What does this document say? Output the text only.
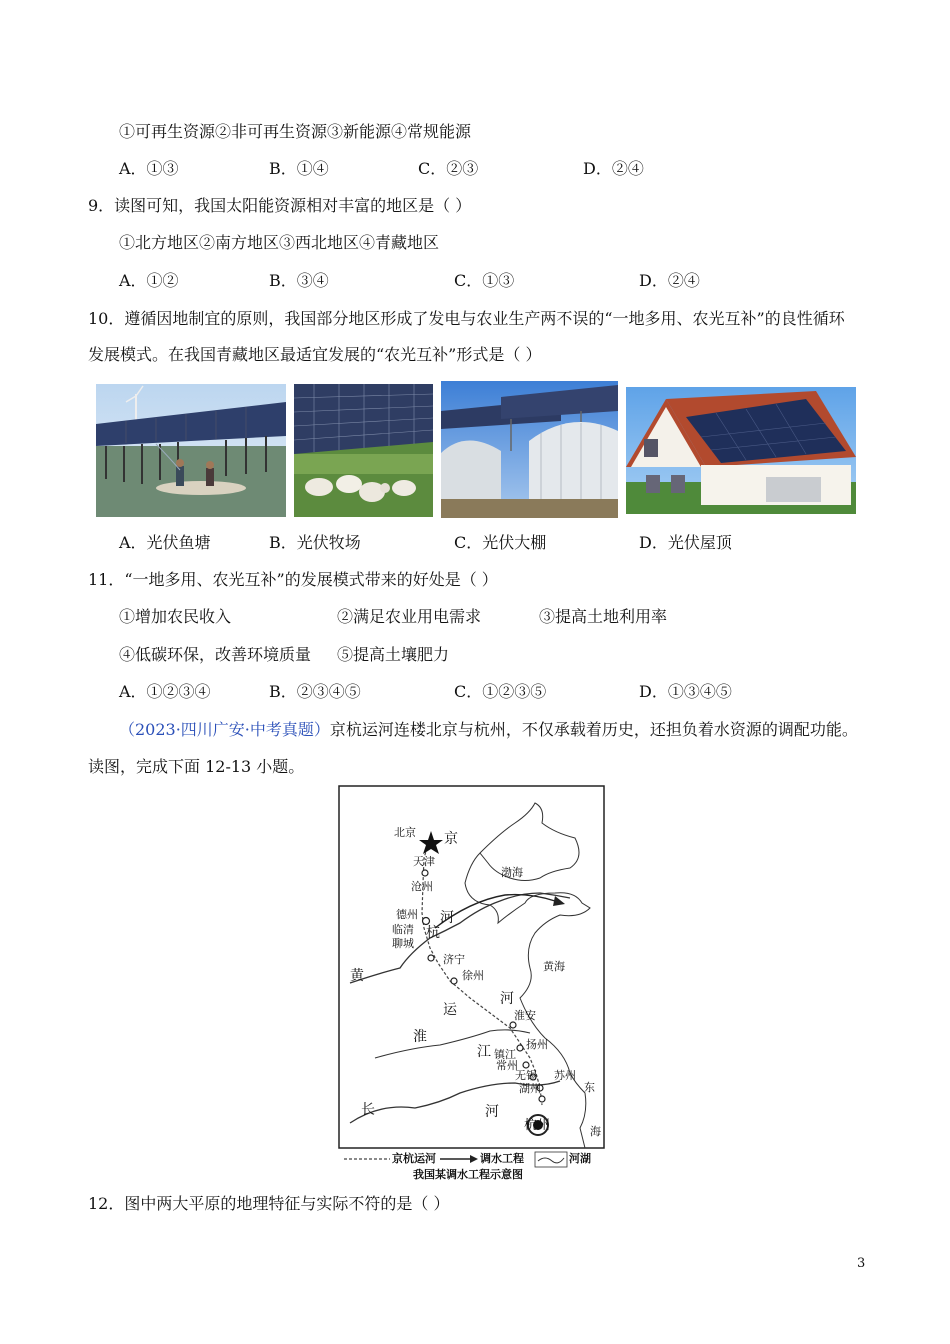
①可再生资源②非可再生资源③新能源④常规能源
A．①③	B．①④	C．②③	D．②④
9．读图可知，我国太阳能资源相对丰富的地区是（ ）
①北方地区②南方地区③西北地区④青藏地区
A．①②	B．③④	C．①③	D．②④
10．遵循因地制宜的原则，我国部分地区形成了发电与农业生产两不误的“一地多用、农光互补”的良性循环
发展模式。在我国青藏地区最适宜发展的“农光互补”形式是（ ）
A．光伏鱼塘	B．光伏牧场	C．光伏大棚	D．光伏屋顶
11．“一地多用、农光互补”的发展模式带来的好处是（ ）
①增加农民收入	②满足农业用电需求	③提高土地利用率
④低碳环保，改善环境质量 ⑤提高土壤肥力
A．①②③④	B．②③④⑤	C．①②③⑤	D．①③④⑤
（2023·四川广安·中考真题）京杭运河连楼北京与杭州，不仅承载着历史，还担负着水资源的调配功能。
读图，完成下面 12-13 小题。
北京 京
天津
沧州
德州
临清
聊城
河
杭
济宁
徐州
渤海
黄海
黄
运
河
淮安
淮
江	扬州
镇江
常州
无锡 苏州
湖州	东
长	河
杭州	海
京杭运河	调水工程	河湖
我国某调水工程示意图
12．图中两大平原的地理特征与实际不符的是（ ）
3
